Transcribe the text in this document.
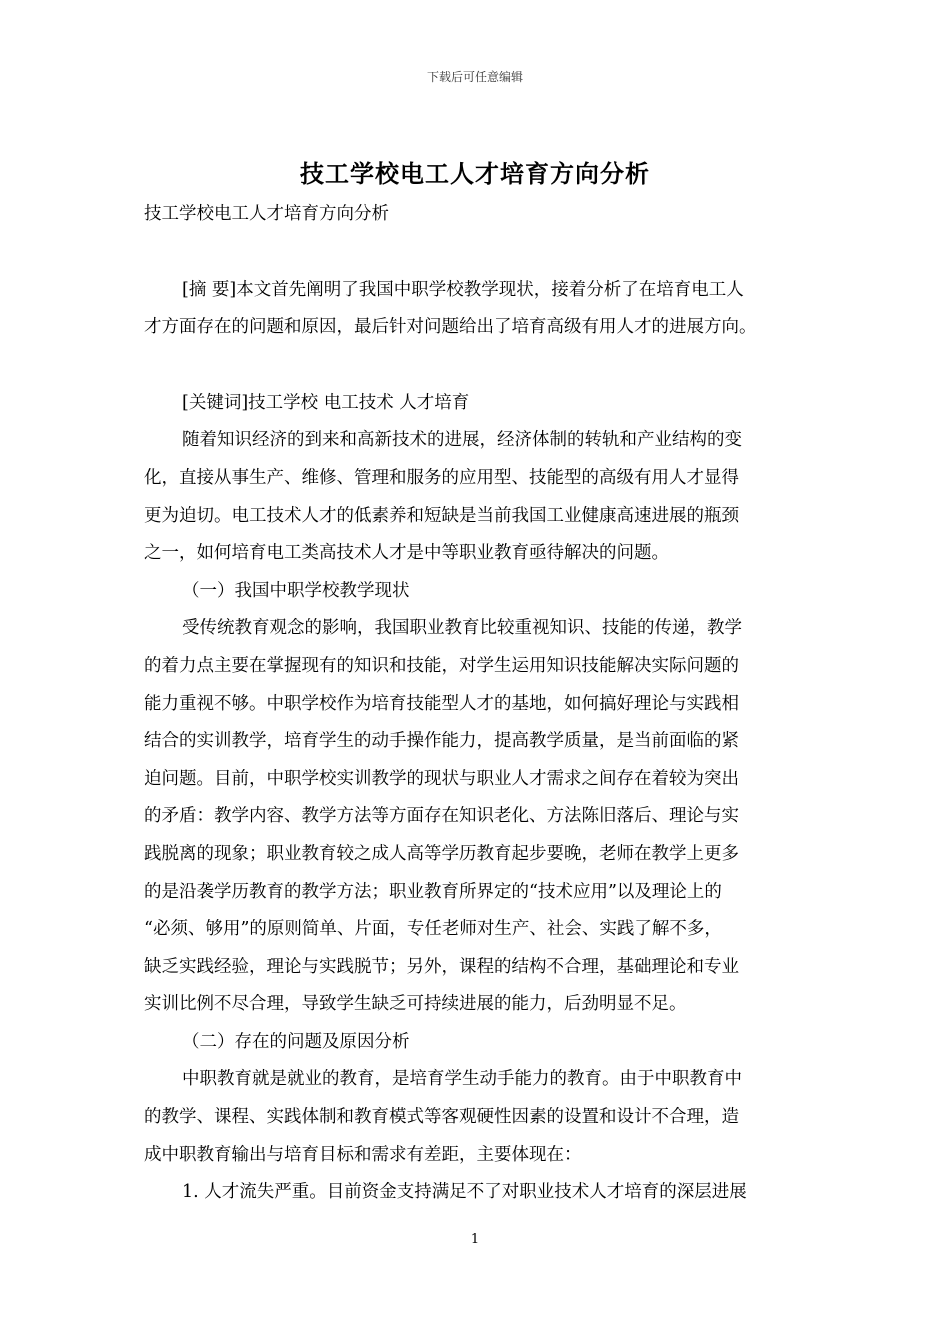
下载后可任意编辑
技工学校电工人才培育方向分析
技工学校电工人才培育方向分析
[摘 要]本文首先阐明了我国中职学校教学现状，接着分析了在培育电工人
才方面存在的问题和原因，最后针对问题给出了培育高级有用人才的进展方向。
[关键词]技工学校 电工技术 人才培育
随着知识经济的到来和高新技术的进展，经济体制的转轨和产业结构的变
化，直接从事生产、维修、管理和服务的应用型、技能型的高级有用人才显得
更为迫切。电工技术人才的低素养和短缺是当前我国工业健康高速进展的瓶颈
之一，如何培育电工类高技术人才是中等职业教育亟待解决的问题。
（一）我国中职学校教学现状
受传统教育观念的影响，我国职业教育比较重视知识、技能的传递，教学
的着力点主要在掌握现有的知识和技能，对学生运用知识技能解决实际问题的
能力重视不够。中职学校作为培育技能型人才的基地，如何搞好理论与实践相
结合的实训教学，培育学生的动手操作能力，提高教学质量，是当前面临的紧
迫问题。目前，中职学校实训教学的现状与职业人才需求之间存在着较为突出
的矛盾：教学内容、教学方法等方面存在知识老化、方法陈旧落后、理论与实
践脱离的现象；职业教育较之成人高等学历教育起步要晚，老师在教学上更多
的是沿袭学历教育的教学方法；职业教育所界定的“技术应用”以及理论上的
“必须、够用”的原则简单、片面，专任老师对生产、社会、实践了解不多，
缺乏实践经验，理论与实践脱节；另外，课程的结构不合理，基础理论和专业
实训比例不尽合理，导致学生缺乏可持续进展的能力，后劲明显不足。
（二）存在的问题及原因分析
中职教育就是就业的教育，是培育学生动手能力的教育。由于中职教育中
的教学、课程、实践体制和教育模式等客观硬性因素的设置和设计不合理，造
成中职教育输出与培育目标和需求有差距，主要体现在：
1. 人才流失严重。目前资金支持满足不了对职业技术人才培育的深层进展
1
